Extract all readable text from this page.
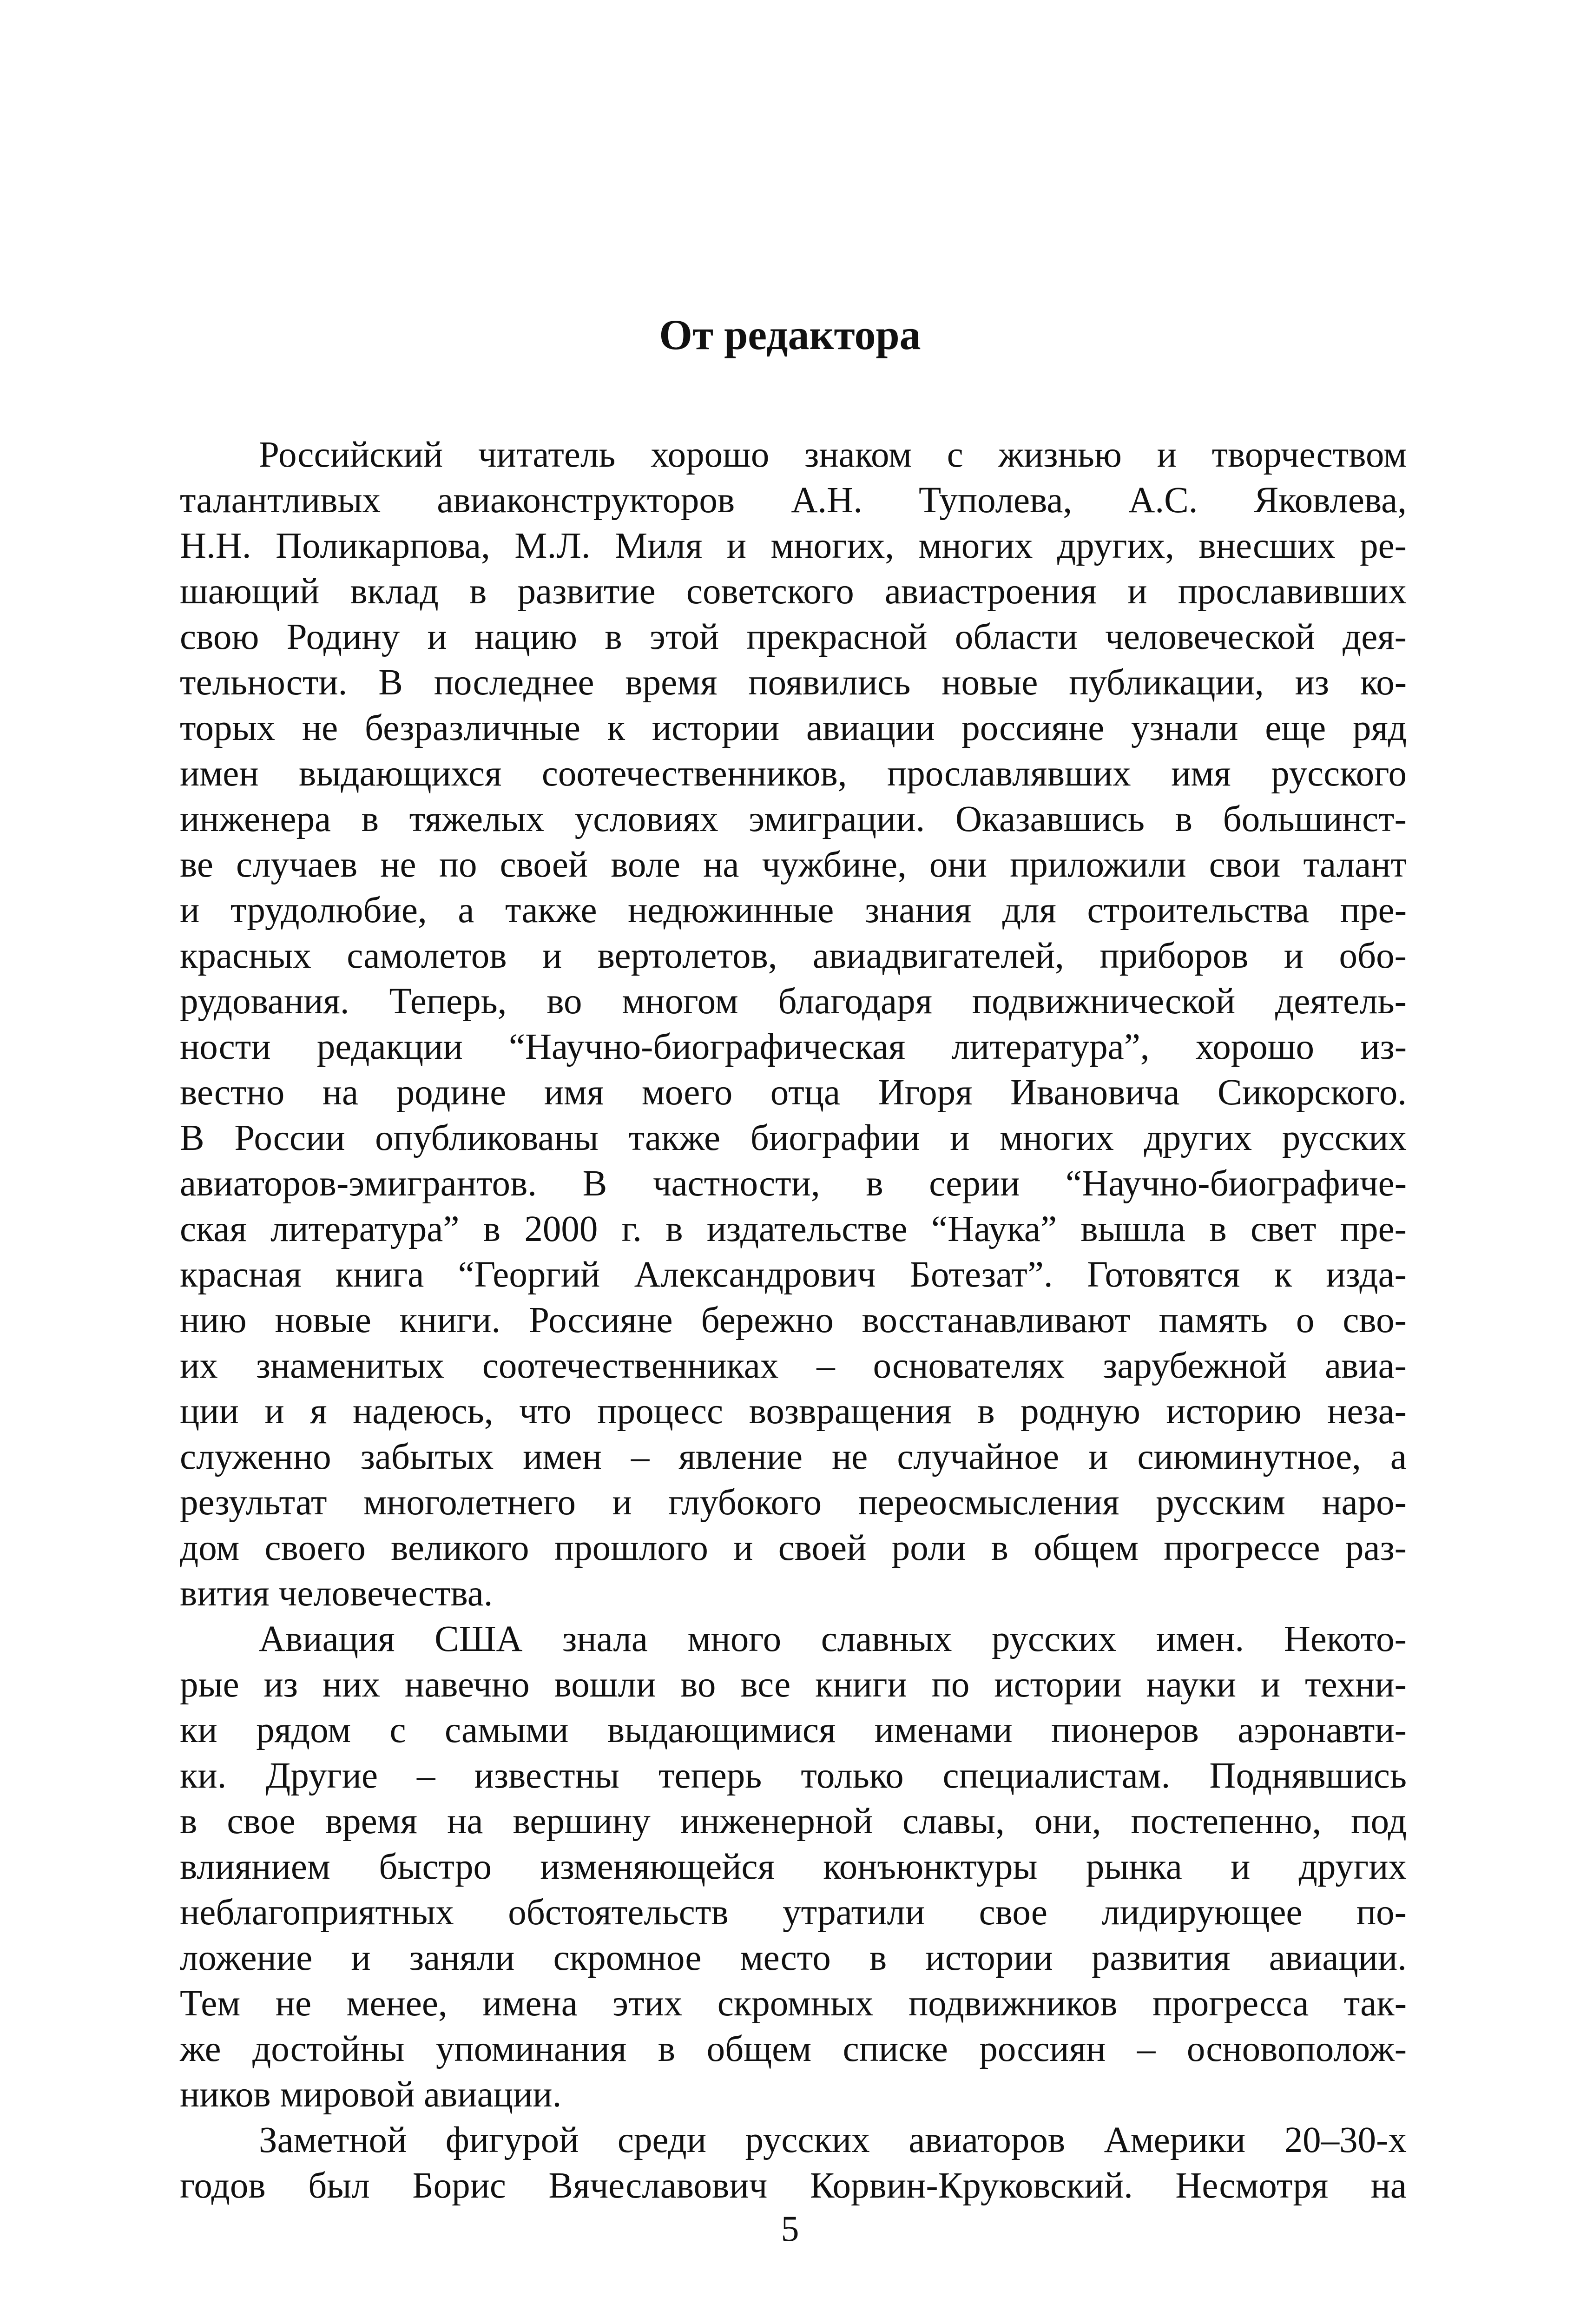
От редактора
Российский читатель хорошо знаком с жизнью и творчеством
талантливых авиаконструкторов А.Н. Туполева, А.С. Яковлева,
Н.Н. Поликарпова, М.Л. Миля и многих, многих других, внесших ре-
шающий вклад в развитие советского авиастроения и прославивших
свою Родину и нацию в этой прекрасной области человеческой дея-
тельности. В последнее время появились новые публикации, из ко-
торых не безразличные к истории авиации россияне узнали еще ряд
имен выдающихся соотечественников, прославлявших имя русского
инженера в тяжелых условиях эмиграции. Оказавшись в большинст-
ве случаев не по своей воле на чужбине, они приложили свои талант
и трудолюбие, а также недюжинные знания для строительства пре-
красных самолетов и вертолетов, авиадвигателей, приборов и обо-
рудования. Теперь, во многом благодаря подвижнической деятель-
ности редакции “Научно-биографическая литература”, хорошо из-
вестно на родине имя моего отца Игоря Ивановича Сикорского.
В России опубликованы также биографии и многих других русских
авиаторов-эмигрантов. В частности, в серии “Научно-биографиче-
ская литература” в 2000 г. в издательстве “Наука” вышла в свет пре-
красная книга “Георгий Александрович Ботезат”. Готовятся к изда-
нию новые книги. Россияне бережно восстанавливают память о сво-
их знаменитых соотечественниках – основателях зарубежной авиа-
ции и я надеюсь, что процесс возвращения в родную историю неза-
служенно забытых имен – явление не случайное и сиюминутное, а
результат многолетнего и глубокого переосмысления русским наро-
дом своего великого прошлого и своей роли в общем прогрессе раз-
вития человечества.
Авиация США знала много славных русских имен. Некото-
рые из них навечно вошли во все книги по истории науки и техни-
ки рядом с самыми выдающимися именами пионеров аэронавти-
ки. Другие – известны теперь только специалистам. Поднявшись
в свое время на вершину инженерной славы, они, постепенно, под
влиянием быстро изменяющейся конъюнктуры рынка и других
неблагоприятных обстоятельств утратили свое лидирующее по-
ложение и заняли скромное место в истории развития авиации.
Тем не менее, имена этих скромных подвижников прогресса так-
же достойны упоминания в общем списке россиян – основополож-
ников мировой авиации.
Заметной фигурой среди русских авиаторов Америки 20–30-х
годов был Борис Вячеславович Корвин-Круковский. Несмотря на
5
